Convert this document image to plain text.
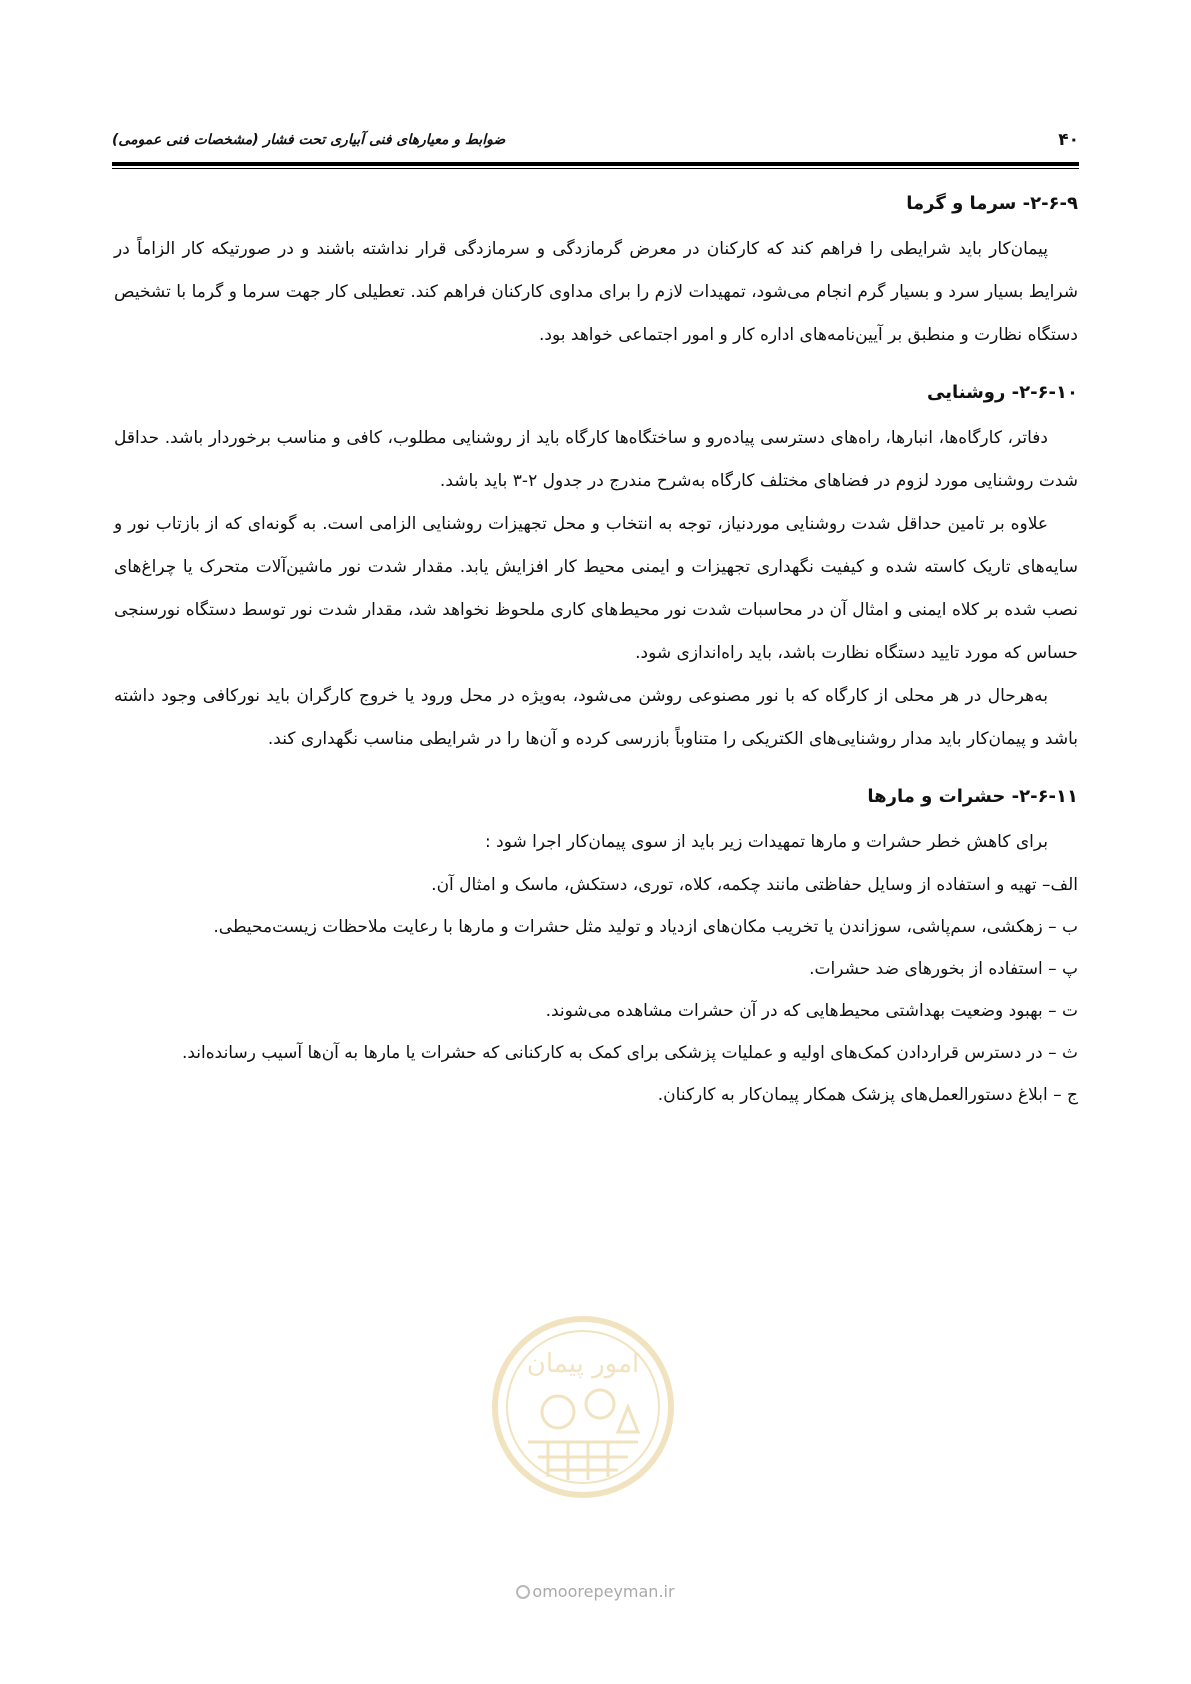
۴۰
ضوابط و معیارهای فنی آبیاری تحت فشار (مشخصات فنی عمومی)
۲-۶-۹- سرما و گرما

پیمان‌کار باید شرایطی را فراهم کند که کارکنان در معرض گرمازدگی و سرمازدگی قرار نداشته باشند و در صورتیکه کار الزاماً در شرایط بسیار سرد و بسیار گرم انجام می‌شود، تمهیدات لازم را برای مداوی کارکنان فراهم کند. تعطیلی کار جهت سرما و گرما با تشخیص دستگاه نظارت و منطبق بر آیین‌نامه‌های اداره کار و امور اجتماعی خواهد بود.

۲-۶-۱۰- روشنایی

دفاتر، کارگاه‌ها، انبارها، راه‌های دسترسی پیاده‌رو و ساختگاه‌ها کارگاه باید از روشنایی مطلوب، کافی و مناسب برخوردار باشد. حداقل شدت روشنایی مورد لزوم در فضاهای مختلف کارگاه به‌شرح مندرج در جدول ۲-۳ باید باشد.

علاوه بر تامین حداقل شدت روشنایی موردنیاز، توجه به انتخاب و محل تجهیزات روشنایی الزامی است. به گونه‌ای که از بازتاب نور و سایه‌های تاریک کاسته شده و کیفیت نگهداری تجهیزات و ایمنی محیط کار افزایش یابد. مقدار شدت نور ماشین‌آلات متحرک یا چراغ‌های نصب شده بر کلاه ایمنی و امثال آن در محاسبات شدت نور محیط‌های کاری ملحوظ نخواهد شد، مقدار شدت نور توسط دستگاه نورسنجی حساس که مورد تایید دستگاه نظارت باشد، باید راه‌اندازی شود.

به‌هرحال در هر محلی از کارگاه که با نور مصنوعی روشن می‌شود، به‌ویژه در محل ورود یا خروج کارگران باید نورکافی وجود داشته باشد و پیمان‌کار باید مدار روشنایی‌های الکتریکی را متناوباً بازرسی کرده و آن‌ها را در شرایطی مناسب نگهداری کند.

۲-۶-۱۱- حشرات و مارها

برای کاهش خطر حشرات و مارها تمهیدات زیر باید از سوی پیمان‌کار اجرا شود :

الف– تهیه و استفاده از وسایل حفاظتی مانند چکمه، کلاه، توری، دستکش، ماسک و امثال آن.
ب – زهکشی، سم‌پاشی، سوزاندن یا تخریب مکان‌های ازدیاد و تولید مثل حشرات و مارها با رعایت ملاحظات زیست‌محیطی.
پ – استفاده از بخورهای ضد حشرات.
ت – بهبود وضعیت بهداشتی محیط‌هایی که در آن حشرات مشاهده می‌شوند.
ث – در دسترس قراردادن کمک‌های اولیه و عملیات پزشکی برای کمک به کارکنانی که حشرات یا مارها به آن‌ها آسیب رسانده‌اند.
ج – ابلاغ دستورالعمل‌های پزشک همکار پیمان‌کار به کارکنان.
امور پیمان
omoorepeyman.ir
